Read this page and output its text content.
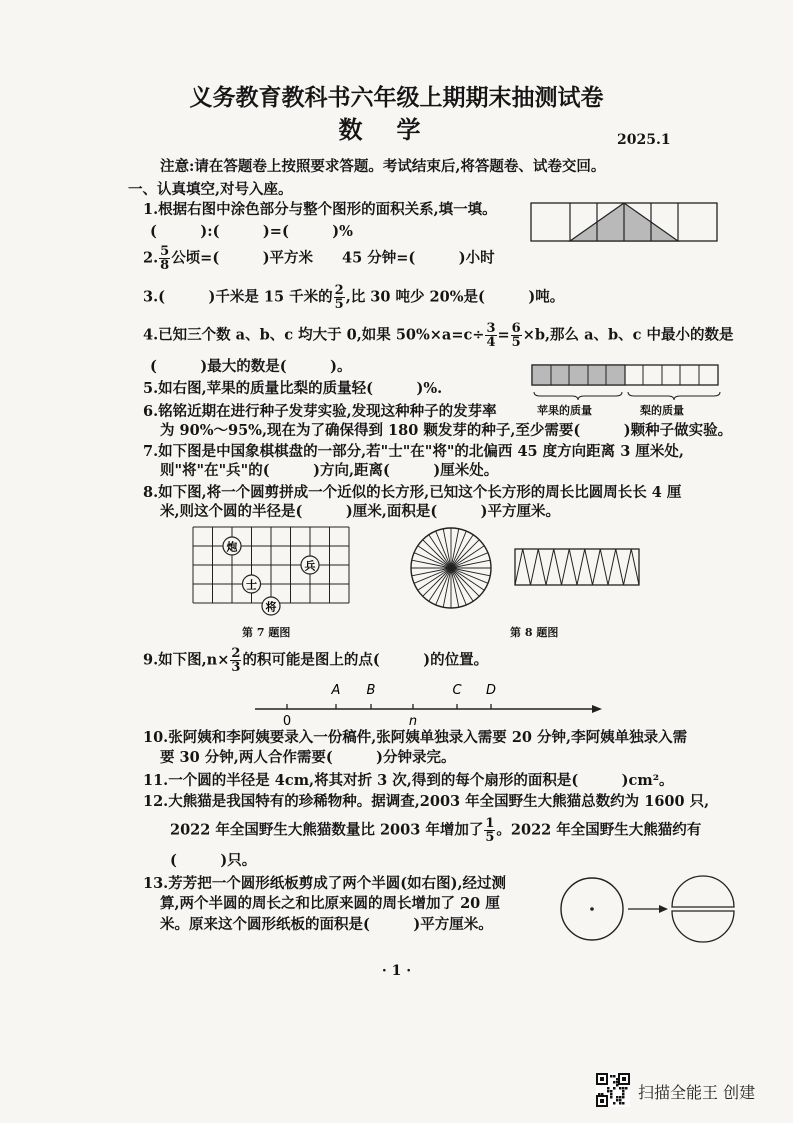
义务教育教科书六年级上期期末抽测试卷
数学	2025.1
注意:请在答题卷上按照要求答题。考试结束后,将答题卷、试卷交回。
一、认真填空,对号入座。
1.根据右图中涂色部分与整个图形的面积关系,填一填。
(　　　):(　　　)=(　　　)%
2. $\frac{5}{8}$ 公顷=(　　　)平方米　　45 分钟=(　　　)小时
3.(　　　)千米是 15 千米的 $\frac{2}{5}$ ,比 30 吨少 20%是(　　　)吨。
4.已知三个数 a、b、c 均大于 0,如果 $50\%\times a=c\div \frac{3}{4} = \frac{6}{5} \times b$,那么 a、b、c 中最小的数是
(　　　)最大的数是(　　　)。
5.如右图,苹果的质量比梨的质量轻(　　　)%.
苹果的质量	梨的质量
6.铭铭近期在进行种子发芽实验,发现这种种子的发芽率
为 90%～95%,现在为了确保得到 180 颗发芽的种子,至少需要(　　　)颗种子做实验。
7.如下图是中国象棋棋盘的一部分,若"士"在"将"的北偏西 45 度方向距离 3 厘米处,
则"将"在"兵"的(　　　)方向,距离(　　　)厘米处。
8.如下图,将一个圆剪拼成一个近似的长方形,已知这个长方形的周长比圆周长长 4 厘
米,则这个圆的半径是(　　　)厘米,面积是(　　　)平方厘米。
炮
兵
士
将
第 7 题图	第 8 题图
9.如下图$,n\times \frac{2}{3}$ 的积可能是图上的点(　　　)的位置。
A B	C D
n
0
10.张阿姨和李阿姨要录入一份稿件,张阿姨单独录入需要 20 分钟,李阿姨单独录入需
要 30 分钟,两人合作需要(　　　)分钟录完。
11.一个圆的半径是 4cm,将其对折 3 次,得到的每个扇形的面积是(　　　)cm²。
12.大熊猫是我国特有的珍稀物种。据调查,2003 年全国野生大熊猫总数约为 1600 只,
2022 年全国野生大熊猫数量比 2003 年增加了 $\frac{1}{5}$ 。2022 年全国野生大熊猫约有
(　　　)只。
13.芳芳把一个圆形纸板剪成了两个半圆(如右图),经过测
算,两个半圆的周长之和比原来圆的周长增加了 20 厘
米。原来这个圆形纸板的面积是(　　　)平方厘米。
· 1 ·
扫描全能王 创建
